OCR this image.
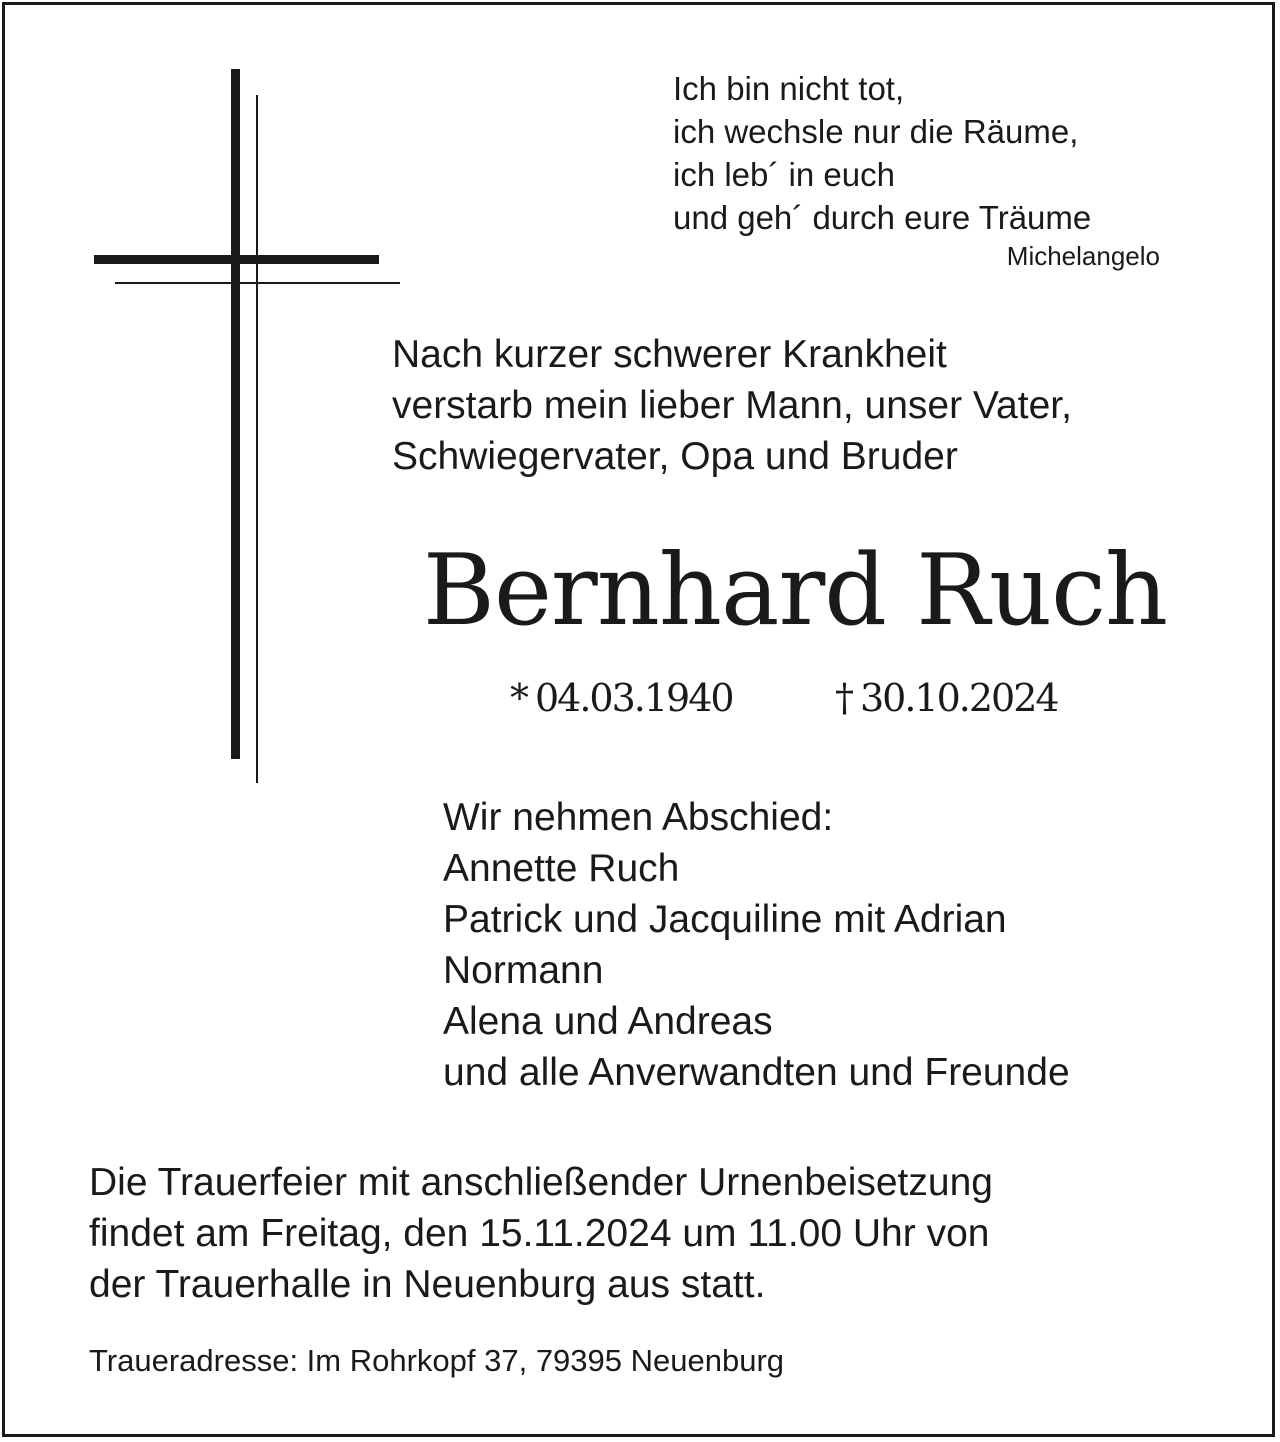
Ich bin nicht tot,
ich wechsle nur die Räume,
ich leb´ in euch
und geh´ durch eure Träume
Michelangelo
Nach kurzer schwerer Krankheit
verstarb mein lieber Mann, unser Vater,
Schwiegervater, Opa und Bruder
Bernhard Ruch
* 04.03.1940	† 30.10.2024
Wir nehmen Abschied:
Annette Ruch
Patrick und Jacquiline mit Adrian
Normann
Alena und Andreas
und alle Anverwandten und Freunde
Die Trauerfeier mit anschließender Urnenbeisetzung
findet am Freitag, den 15.11.2024 um 11.00 Uhr von
der Trauerhalle in Neuenburg aus statt.
Traueradresse: Im Rohrkopf 37, 79395 Neuenburg
